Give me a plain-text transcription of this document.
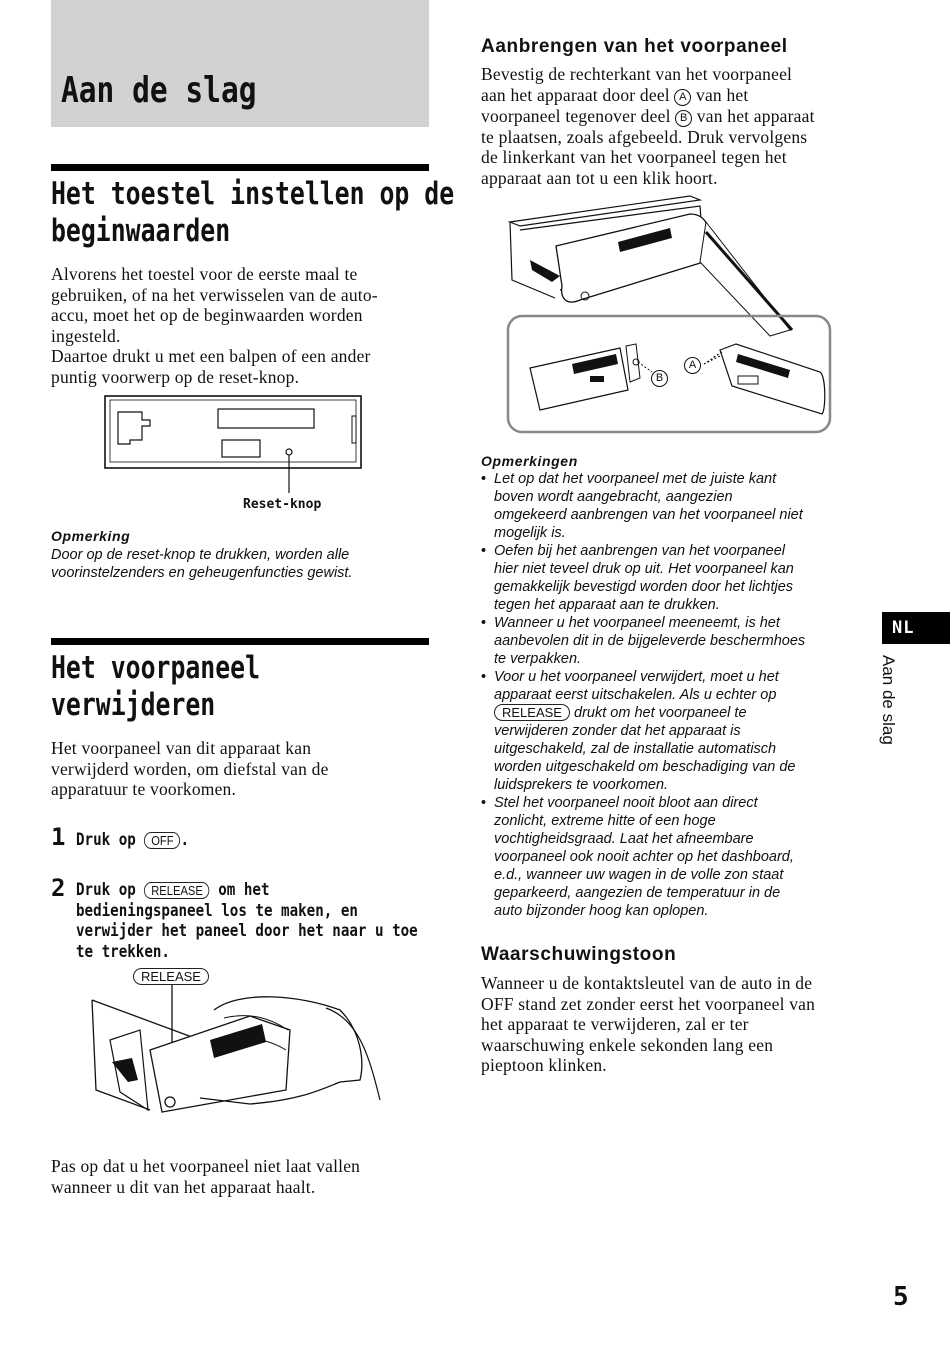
Aan de slag
Het toestel instellen op de
beginwaarden
Alvorens het toestel voor de eerste maal te
gebruiken, of na het verwisselen van de auto-
accu, moet het op de beginwaarden worden
ingesteld.
Daartoe drukt u met een balpen of een ander
puntig voorwerp op de reset-knop.
Reset-knop
Opmerking
Door op de reset-knop te drukken, worden alle
voorinstelzenders en geheugenfuncties gewist.
Het voorpaneel
verwijderen
Het voorpaneel van dit apparaat kan
verwijderd worden, om diefstal van de
apparatuur te voorkomen.
1 Druk op OFF .
2 Druk op RELEASE om het
bedieningspaneel los te maken, en
verwijder het paneel door het naar u toe
te trekken.
RELEASE
Pas op dat u het voorpaneel niet laat vallen
wanneer u dit van het apparaat haalt.
Aanbrengen van het voorpaneel
Bevestig de rechterkant van het voorpaneel
aan het apparaat door deel A van het
voorpaneel tegenover deel B van het apparaat
te plaatsen, zoals afgebeeld. Druk vervolgens
de linkerkant van het voorpaneel tegen het
apparaat aan tot u een klik hoort.
B
A
Opmerkingen
• Let op dat het voorpaneel met de juiste kant
boven wordt aangebracht, aangezien
omgekeerd aanbrengen van het voorpaneel niet
mogelijk is.
• Oefen bij het aanbrengen van het voorpaneel
hier niet teveel druk op uit. Het voorpaneel kan
gemakkelijk bevestigd worden door het lichtjes
tegen het apparaat aan te drukken.
• Wanneer u het voorpaneel meeneemt, is het
aanbevolen dit in de bijgeleverde beschermhoes
te verpakken.
• Voor u het voorpaneel verwijdert, moet u het
apparaat eerst uitschakelen. Als u echter op
RELEASE drukt om het voorpaneel te
verwijderen zonder dat het apparaat is
uitgeschakeld, zal de installatie automatisch
worden uitgeschakeld om beschadiging van de
luidsprekers te voorkomen.
• Stel het voorpaneel nooit bloot aan direct
zonlicht, extreme hitte of een hoge
vochtigheidsgraad. Laat het afneembare
voorpaneel ook nooit achter op het dashboard,
e.d., wanneer uw wagen in de volle zon staat
geparkeerd, aangezien de temperatuur in de
auto bijzonder hoog kan oplopen.
Waarschuwingstoon
Wanneer u de kontaktsleutel van de auto in de
OFF stand zet zonder eerst het voorpaneel van
het apparaat te verwijderen, zal er ter
waarschuwing enkele sekonden lang een
pieptoon klinken.
NL
Aan de slag
5
